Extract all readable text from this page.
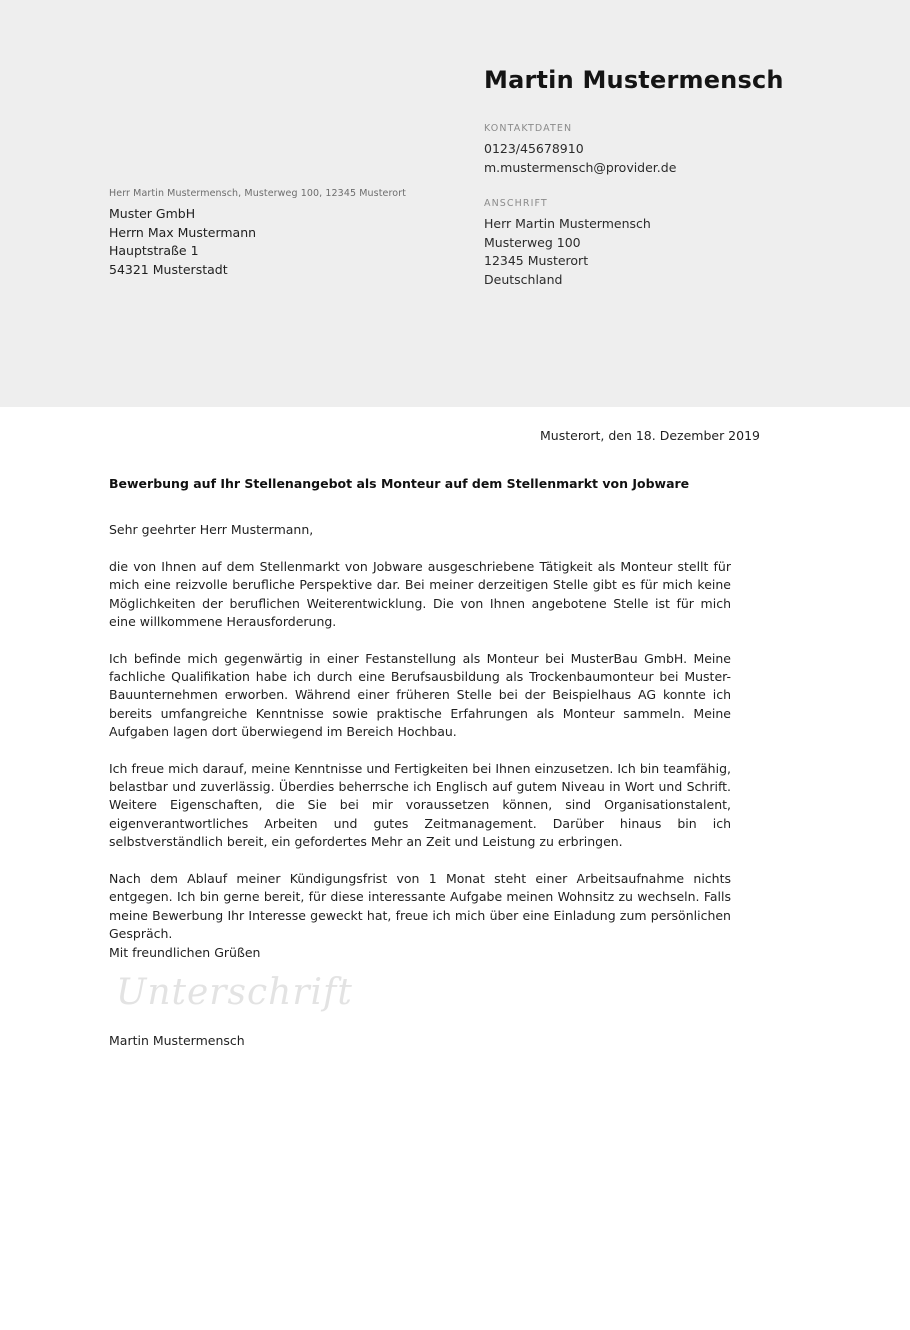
Martin Mustermensch
KONTAKTDATEN
0123/45678910
m.mustermensch@provider.de
ANSCHRIFT
Herr Martin Mustermensch
Musterweg 100
12345 Musterort
Deutschland
Herr Martin Mustermensch, Musterweg 100, 12345 Musterort
Muster GmbH
Herrn Max Mustermann
Hauptstraße 1
54321 Musterstadt
Musterort, den 18. Dezember 2019
Bewerbung auf Ihr Stellenangebot als Monteur auf dem Stellenmarkt von Jobware
Sehr geehrter Herr Mustermann,

die von Ihnen auf dem Stellenmarkt von Jobware ausgeschriebene Tätigkeit als Monteur stellt für mich eine reizvolle berufliche Perspektive dar. Bei meiner derzeitigen Stelle gibt es für mich keine Möglichkeiten der beruflichen Weiterentwicklung. Die von Ihnen angebotene Stelle ist für mich eine willkommene Herausforderung.

Ich befinde mich gegenwärtig in einer Festanstellung als Monteur bei MusterBau GmbH. Meine fachliche Qualifikation habe ich durch eine Berufsausbildung als Trockenbaumonteur bei Muster-Bauunternehmen erworben. Während einer früheren Stelle bei der Beispielhaus AG konnte ich bereits umfangreiche Kenntnisse sowie praktische Erfahrungen als Monteur sammeln. Meine Aufgaben lagen dort überwiegend im Bereich Hochbau.

Ich freue mich darauf, meine Kenntnisse und Fertigkeiten bei Ihnen einzusetzen. Ich bin teamfähig, belastbar und zuverlässig. Überdies beherrsche ich Englisch auf gutem Niveau in Wort und Schrift. Weitere Eigenschaften, die Sie bei mir voraussetzen können, sind Organisationstalent, eigenverantwortliches Arbeiten und gutes Zeitmanagement. Darüber hinaus bin ich selbstverständlich bereit, ein gefordertes Mehr an Zeit und Leistung zu erbringen.

Nach dem Ablauf meiner Kündigungsfrist von 1 Monat steht einer Arbeitsaufnahme nichts entgegen. Ich bin gerne bereit, für diese interessante Aufgabe meinen Wohnsitz zu wechseln. Falls meine Bewerbung Ihr Interesse geweckt hat, freue ich mich über eine Einladung zum persönlichen Gespräch.

Mit freundlichen Grüßen
Unterschrift
Martin Mustermensch
